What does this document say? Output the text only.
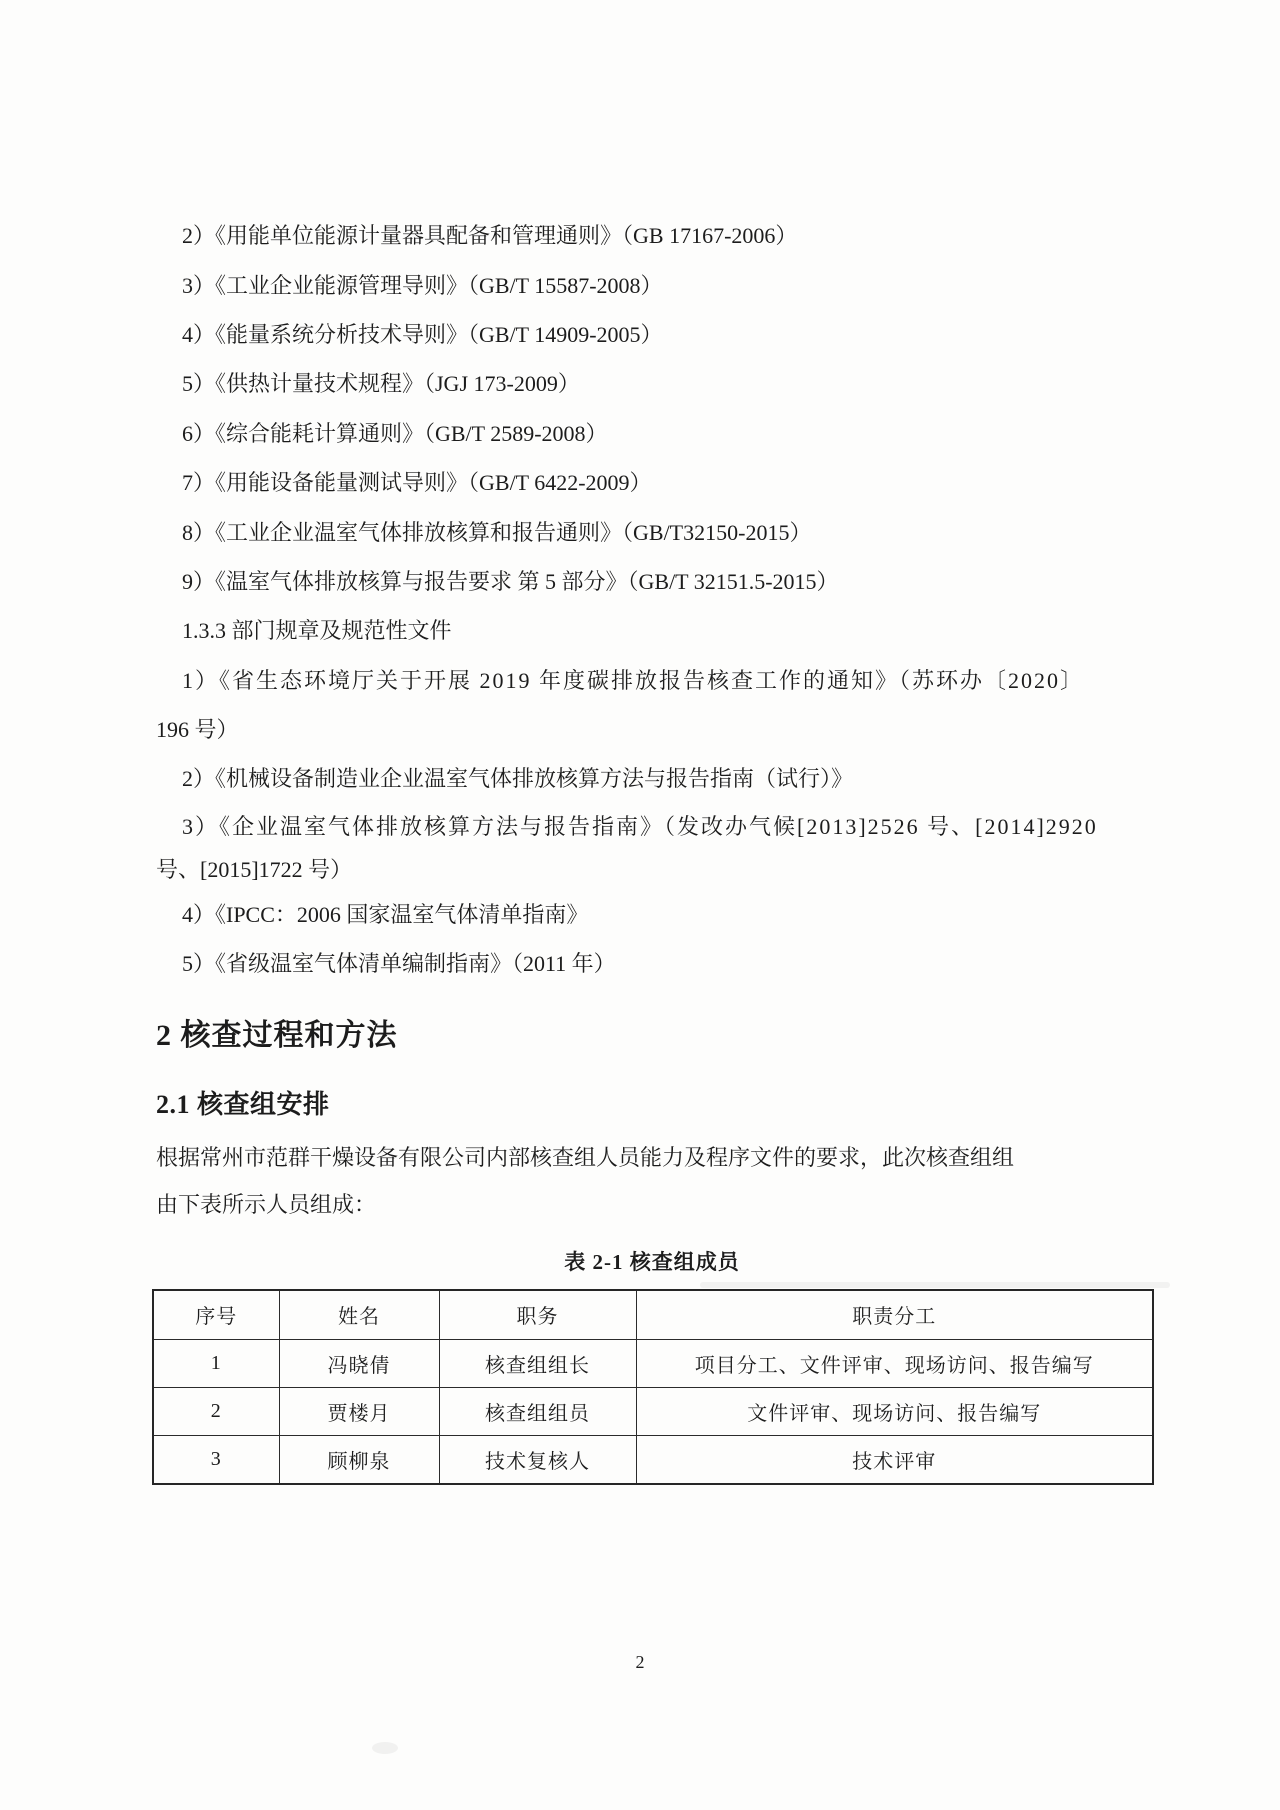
2）《用能单位能源计量器具配备和管理通则》（GB 17167-2006）
3）《工业企业能源管理导则》（GB/T 15587-2008）
4）《能量系统分析技术导则》（GB/T 14909-2005）
5）《供热计量技术规程》（JGJ 173-2009）
6）《综合能耗计算通则》（GB/T 2589-2008）
7）《用能设备能量测试导则》（GB/T 6422-2009）
8）《工业企业温室气体排放核算和报告通则》（GB/T32150-2015）
9）《温室气体排放核算与报告要求 第 5 部分》（GB/T 32151.5-2015）
1.3.3 部门规章及规范性文件
1）《省生态环境厅关于开展 2019 年度碳排放报告核查工作的通知》（苏环办〔2020〕
196 号）
2）《机械设备制造业企业温室气体排放核算方法与报告指南（试行）》
3）《企业温室气体排放核算方法与报告指南》（发改办气候[2013]2526 号、[2014]2920
号、[2015]1722 号）
4）《IPCC：2006 国家温室气体清单指南》
5）《省级温室气体清单编制指南》（2011 年）
2 核查过程和方法
2.1 核查组安排
根据常州市范群干燥设备有限公司内部核查组人员能力及程序文件的要求，此次核查组组
由下表所示人员组成：
表 2-1 核查组成员
序号	姓名	职务	职责分工
1	冯晓倩	核查组组长	项目分工、文件评审、现场访问、报告编写
2	贾楼月	核查组组员	文件评审、现场访问、报告编写
3	顾柳泉	技术复核人	技术评审
2
